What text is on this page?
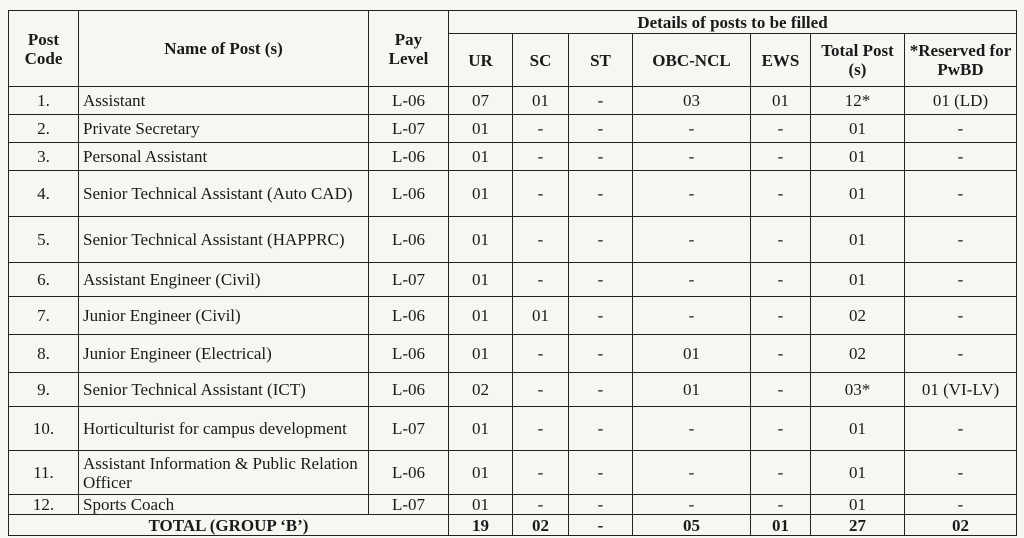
Post Code	Name of Post (s)	Pay Level	Details of posts to be filled						
			UR	SC	ST	OBC-NCL	EWS	Total Post (s)	*Reserved for PwBD
1.	Assistant	L-06	07	01	-	03	01	12*	01 (LD)
2.	Private Secretary	L-07	01	-	-	-	-	01	-
3.	Personal Assistant	L-06	01	-	-	-	-	01	-
4.	Senior Technical Assistant (Auto CAD)	L-06	01	-	-	-	-	01	-
5.	Senior Technical Assistant (HAPPRC)	L-06	01	-	-	-	-	01	-
6.	Assistant Engineer (Civil)	L-07	01	-	-	-	-	01	-
7.	Junior Engineer (Civil)	L-06	01	01	-	-	-	02	-
8.	Junior Engineer (Electrical)	L-06	01	-	-	01	-	02	-
9.	Senior Technical Assistant (ICT)	L-06	02	-	-	01	-	03*	01 (VI-LV)
10.	Horticulturist for campus development	L-07	01	-	-	-	-	01	-
11.	Assistant Information & Public Relation Officer	L-06	01	-	-	-	-	01	-
12.	Sports Coach	L-07	01	-	-	-	-	01	-
TOTAL (GROUP ‘B’)			19	02	-	05	01	27	02
